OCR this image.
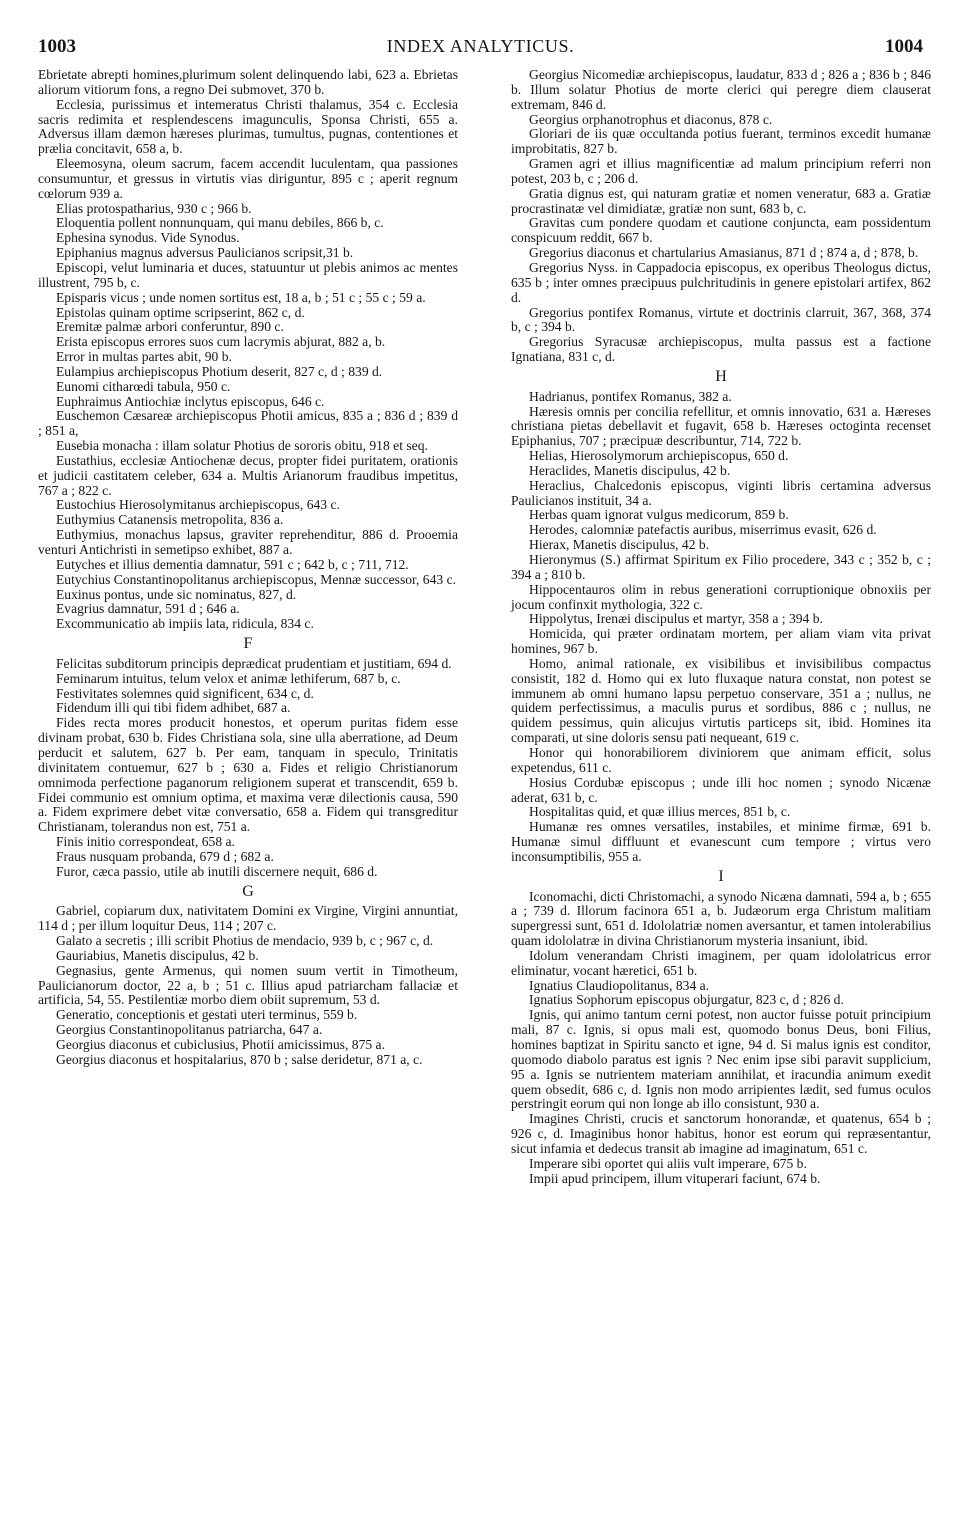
1003	INDEX ANALYTICUS.	1004

Ebrietate abrepti homines,plurimum solent delinquendo labi, 623 a. Ebrietas aliorum vitiorum fons, a regno Dei submovet, 370 b.

Ecclesia, purissimus et intemeratus Christi thalamus, 354 c. Ecclesia sacris redimita et resplendescens imagunculis, Sponsa Christi, 655 a. Adversus illam dæmon hæreses plurimas, tumultus, pugnas, contentiones et prælia concitavit, 658 a, b.

Eleemosyna, oleum sacrum, facem accendit luculentam, qua passiones consumuntur, et gressus in virtutis vias diriguntur, 895 c ; aperit regnum cœlorum 939 a.

Elias protospatharius, 930 c ; 966 b.

Eloquentia pollent nonnunquam, qui manu debiles, 866 b, c.

Ephesina synodus. Vide Synodus.

Epiphanius magnus adversus Paulicianos scripsit,31 b.

Episcopi, velut luminaria et duces, statuuntur ut plebis animos ac mentes illustrent, 795 b, c.

Episparis vicus ; unde nomen sortitus est, 18 a, b ; 51 c ; 55 c ; 59 a.

Epistolas quinam optime scripserint, 862 c, d.

Eremitæ palmæ arbori conferuntur, 890 c.

Erista episcopus errores suos cum lacrymis abjurat, 882 a, b.

Error in multas partes abit, 90 b.

Eulampius archiepiscopus Photium deserit, 827 c, d ; 839 d.

Eunomi citharœdi tabula, 950 c.

Euphraimus Antiochiæ inclytus episcopus, 646 c.

Euschemon Cæsareæ archiepiscopus Photii amicus, 835 a ; 836 d ; 839 d ; 851 a,

Eusebia monacha : illam solatur Photius de sororis obitu, 918 et seq.

Eustathius, ecclesiæ Antiochenæ decus, propter fidei puritatem, orationis et judicii castitatem celeber, 634 a. Multis Arianorum fraudibus impetitus, 767 a ; 822 c.

Eustochius Hierosolymitanus archiepiscopus, 643 c.

Euthymius Catanensis metropolita, 836 a.

Euthymius, monachus lapsus, graviter reprehenditur, 886 d. Prooemia venturi Antichristi in semetipso exhibet, 887 a.

Eutyches et illius dementia damnatur, 591 c ; 642 b, c ; 711, 712.

Eutychius Constantinopolitanus archiepiscopus, Mennæ successor, 643 c.

Euxinus pontus, unde sic nominatus, 827, d.

Evagrius damnatur, 591 d ; 646 a.

Excommunicatio ab impiis lata, ridicula, 834 c.

F

Felicitas subditorum principis deprædicat prudentiam et justitiam, 694 d.

Feminarum intuitus, telum velox et animæ lethiferum, 687 b, c.

Festivitates solemnes quid significent, 634 c, d.

Fidendum illi qui tibi fidem adhibet, 687 a.

Fides recta mores producit honestos, et operum puritas fidem esse divinam probat, 630 b. Fides Christiana sola, sine ulla aberratione, ad Deum perducit et salutem, 627 b. Per eam, tanquam in speculo, Trinitatis divinitatem contuemur, 627 b ; 630 a. Fides et religio Christianorum omnimoda perfectione paganorum religionem superat et transcendit, 659 b. Fidei communio est omnium optima, et maxima veræ dilectionis causa, 590 a. Fidem exprimere debet vitæ conversatio, 658 a. Fidem qui transgreditur Christianam, tolerandus non est, 751 a.

Finis initio correspondeat, 658 a.

Fraus nusquam probanda, 679 d ; 682 a.

Furor, cæca passio, utile ab inutili discernere nequit, 686 d.

G

Gabriel, copiarum dux, nativitatem Domini ex Virgine, Virgini annuntiat, 114 d ; per illum loquitur Deus, 114 ; 207 c.

Galato a secretis ; illi scribit Photius de mendacio, 939 b, c ; 967 c, d.

Gauriabius, Manetis discipulus, 42 b.

Gegnasius, gente Armenus, qui nomen suum vertit in Timotheum, Paulicianorum doctor, 22 a, b ; 51 c. Illius apud patriarcham fallaciæ et artificia, 54, 55. Pestilentiæ morbo diem obiit supremum, 53 d.

Generatio, conceptionis et gestati uteri terminus, 559 b.

Georgius Constantinopolitanus patriarcha, 647 a.

Georgius diaconus et cubiclusius, Photii amicissimus, 875 a.

Georgius diaconus et hospitalarius, 870 b ; salse deridetur, 871 a, c.

Georgius Nicomediæ archiepiscopus, laudatur, 833 d ; 826 a ; 836 b ; 846 b. Illum solatur Photius de morte clerici qui peregre diem clauserat extremam, 846 d.

Georgius orphanotrophus et diaconus, 878 c.

Gloriari de iis quæ occultanda potius fuerant, terminos excedit humanæ improbitatis, 827 b.

Gramen agri et illius magnificentiæ ad malum principium referri non potest, 203 b, c ; 206 d.

Gratia dignus est, qui naturam gratiæ et nomen veneratur, 683 a. Gratiæ procrastinatæ vel dimidiatæ, gratiæ non sunt, 683 b, c.

Gravitas cum pondere quodam et cautione conjuncta, eam possidentum conspicuum reddit, 667 b.

Gregorius diaconus et chartularius Amasianus, 871 d ; 874 a, d ; 878, b.

Gregorius Nyss. in Cappadocia episcopus, ex operibus Theologus dictus, 635 b ; inter omnes præcipuus pulchritudinis in genere epistolari artifex, 862 d.

Gregorius pontifex Romanus, virtute et doctrinis clarruit, 367, 368, 374 b, c ; 394 b.

Gregorius Syracusæ archiepiscopus, multa passus est a factione Ignatiana, 831 c, d.

H

Hadrianus, pontifex Romanus, 382 a.

Hæresis omnis per concilia refellitur, et omnis innovatio, 631 a. Hæreses christiana pietas debellavit et fugavit, 658 b. Hæreses octoginta recenset Epiphanius, 707 ; præcipuæ describuntur, 714, 722 b.

Helias, Hierosolymorum archiepiscopus, 650 d.

Heraclides, Manetis discipulus, 42 b.

Heraclius, Chalcedonis episcopus, viginti libris certamina adversus Paulicianos instituit, 34 a.

Herbas quam ignorat vulgus medicorum, 859 b.

Herodes, calomniæ patefactis auribus, miserrimus evasit, 626 d.

Hierax, Manetis discipulus, 42 b.

Hieronymus (S.) affirmat Spiritum ex Filio procedere, 343 c ; 352 b, c ; 394 a ; 810 b.

Hippocentauros olim in rebus generationi corruptionique obnoxiis per jocum confinxit mythologia, 322 c.

Hippolytus, Irenæi discipulus et martyr, 358 a ; 394 b.

Homicida, qui præter ordinatam mortem, per aliam viam vita privat homines, 967 b.

Homo, animal rationale, ex visibilibus et invisibilibus compactus consistit, 182 d. Homo qui ex luto fluxaque natura constat, non potest se immunem ab omni humano lapsu perpetuo conservare, 351 a ; nullus, ne quidem perfectissimus, a maculis purus et sordibus, 886 c ; nullus, ne quidem pessimus, quin alicujus virtutis particeps sit, ibid. Homines ita comparati, ut sine doloris sensu pati nequeant, 619 c.

Honor qui honorabiliorem diviniorem que animam efficit, solus expetendus, 611 c.

Hosius Cordubæ episcopus ; unde illi hoc nomen ; synodo Nicænæ aderat, 631 b, c.

Hospitalitas quid, et quæ illius merces, 851 b, c.

Humanæ res omnes versatiles, instabiles, et minime firmæ, 691 b. Humanæ simul diffluunt et evanescunt cum tempore ; virtus vero inconsumptibilis, 955 a.

I

Iconomachi, dicti Christomachi, a synodo Nicæna damnati, 594 a, b ; 655 a ; 739 d. Illorum facinora 651 a, b. Judæorum erga Christum malitiam supergressi sunt, 651 d. Idololatriæ nomen aversantur, et tamen intolerabilius quam idololatræ in divina Christianorum mysteria insaniunt, ibid.

Idolum venerandam Christi imaginem, per quam idololatricus error eliminatur, vocant hæretici, 651 b.

Ignatius Claudiopolitanus, 834 a.

Ignatius Sophorum episcopus objurgatur, 823 c, d ; 826 d.

Ignis, qui animo tantum cerni potest, non auctor fuisse potuit principium mali, 87 c. Ignis, si opus mali est, quomodo bonus Deus, boni Filius, homines baptizat in Spiritu sancto et igne, 94 d. Si malus ignis est conditor, quomodo diabolo paratus est ignis ? Nec enim ipse sibi paravit supplicium, 95 a. Ignis se nutrientem materiam annihilat, et iracundia animum exedit quem obsedit, 686 c, d. Ignis non modo arripientes lædit, sed fumus oculos perstringit eorum qui non longe ab illo consistunt, 930 a.

Imagines Christi, crucis et sanctorum honorandæ, et quatenus, 654 b ; 926 c, d. Imaginibus honor habitus, honor est eorum qui repræsentantur, sicut infamia et dedecus transit ab imagine ad imaginatum, 651 c.

Imperare sibi oportet qui aliis vult imperare, 675 b.

Impii apud principem, illum vituperari faciunt, 674 b.
